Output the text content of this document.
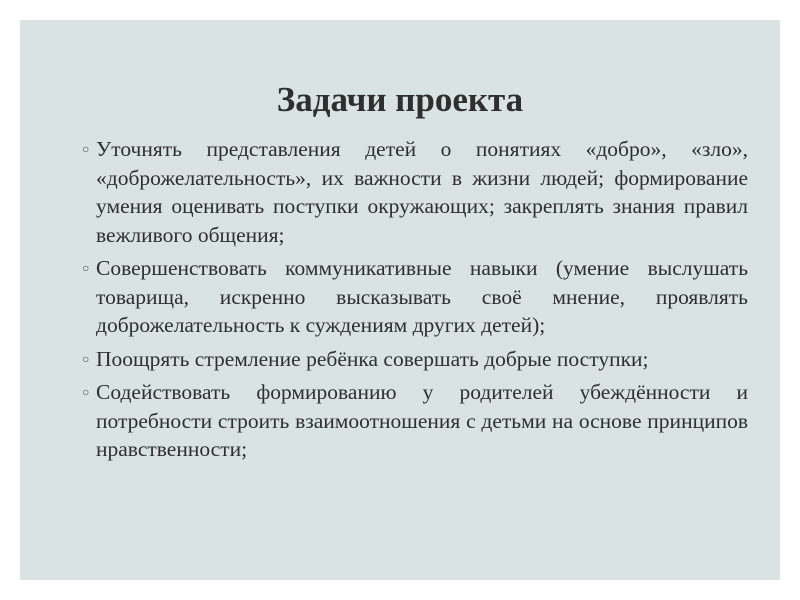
Задачи проекта
○ Уточнять представления детей о понятиях «добро», «зло», «доброжелательность», их важности в жизни людей; формирование умения оценивать поступки окружающих; закреплять знания правил вежливого общения;
○ Совершенствовать коммуникативные навыки (умение выслушать товарища, искренно высказывать своё мнение, проявлять доброжелательность к суждениям других детей);
○ Поощрять стремление ребёнка совершать добрые поступки;
○ Содействовать формированию у родителей убеждённости и потребности строить взаимоотношения с детьми на основе принципов нравственности;
